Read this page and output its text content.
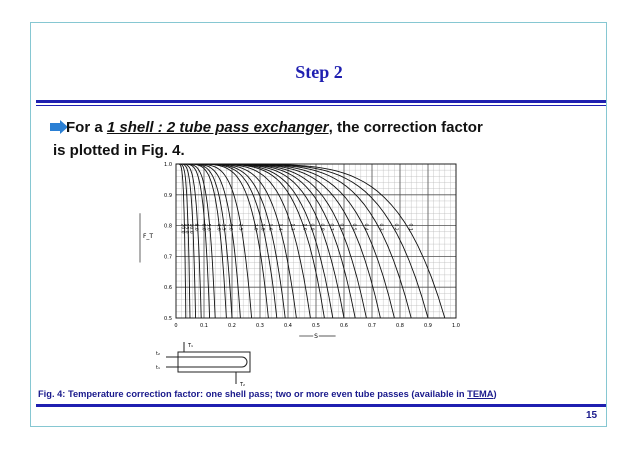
Step 2
For a 1 shell : 2 tube pass exchanger, the correction factor
is plotted in Fig. 4.
0	0.1	0.2	0.3	0.4	0.5	0.6	0.7	0.8	0.9	1.0
0.5
0.6
0.7
0.8
0.9
1.0
S
F_T
20.0
15.0 10.0 8.0 6.0 5.0 4.0 3.5 3.0 2.5 2.0 1.8 1.6 1.4 1.2 1.0 0.9 0.8 0.7 0.6 0.5 0.4 0.3 0.2 0.1
T₁
t₂
t₁
T₂
Fig. 4: Temperature correction factor: one shell pass; two or more even tube passes (available in TEMA)
15
